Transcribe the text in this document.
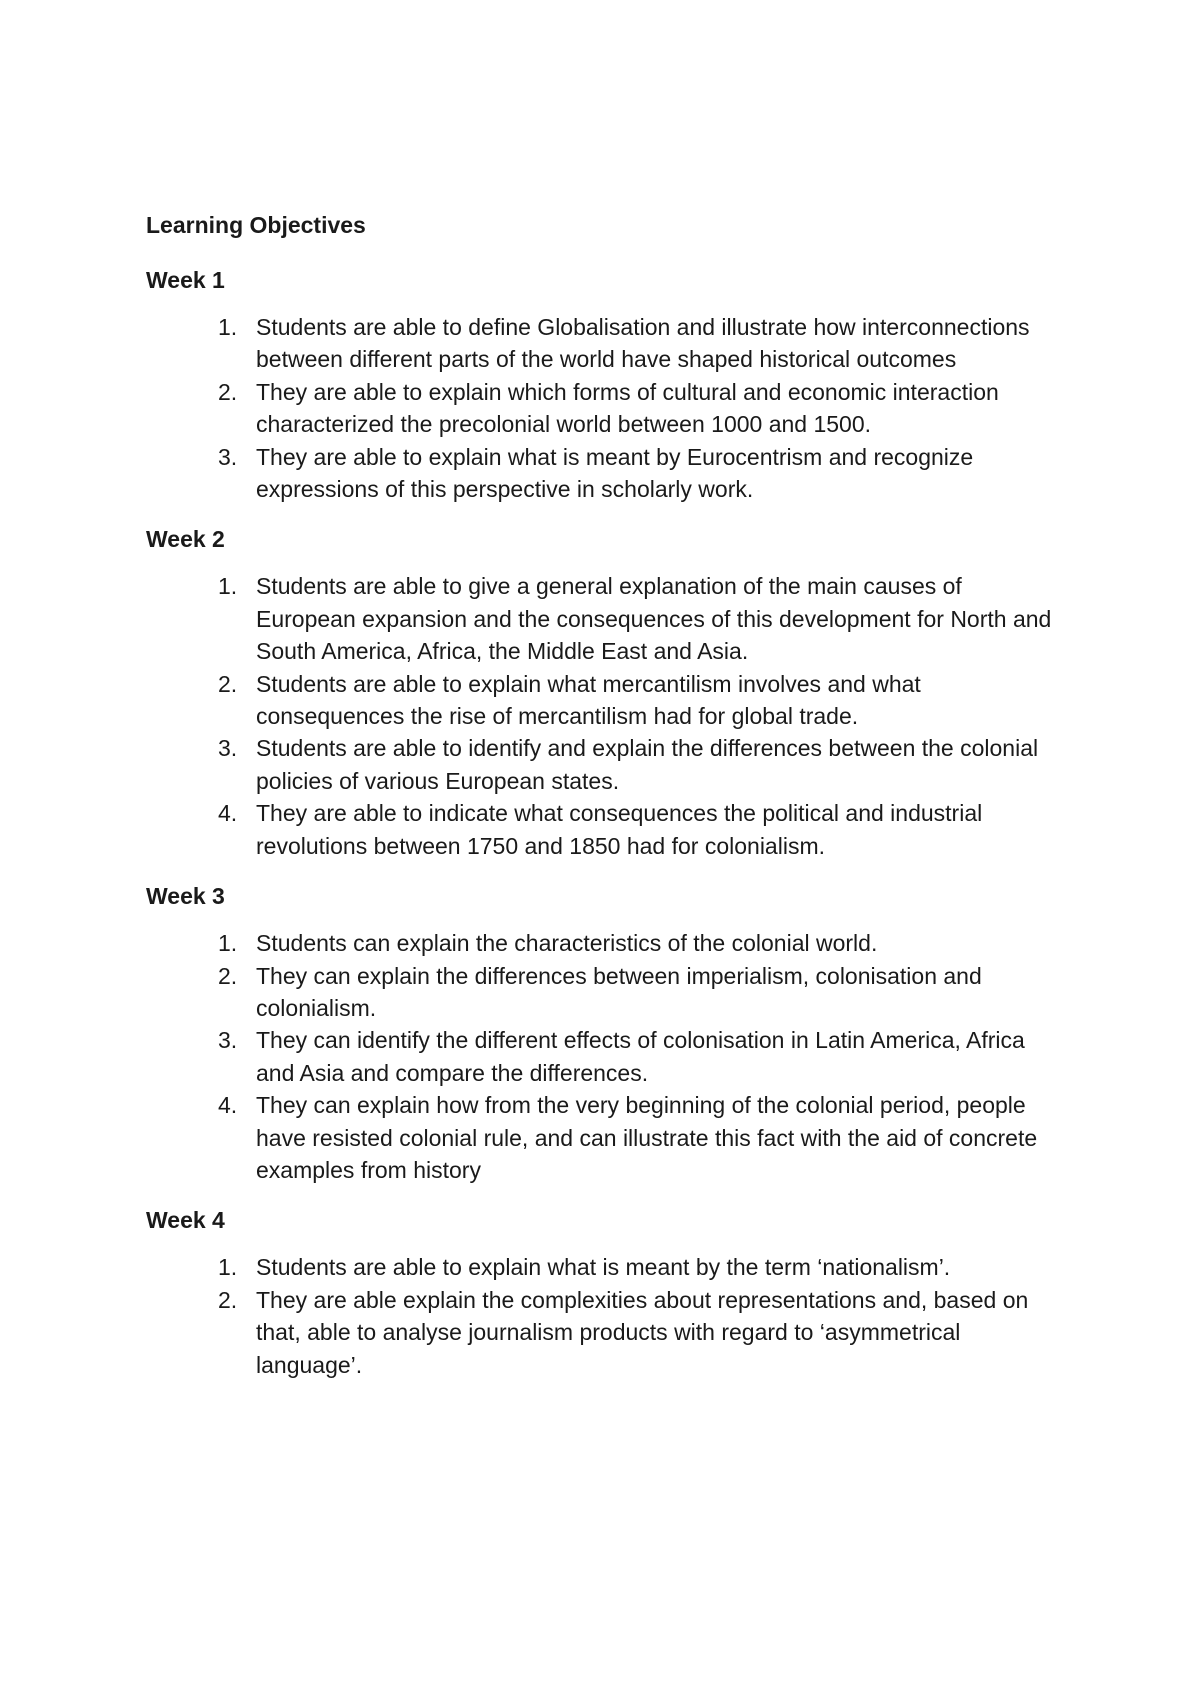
Learning Objectives
Week 1
1. Students are able to define Globalisation and illustrate how interconnections between different parts of the world have shaped historical outcomes
2. They are able to explain which forms of cultural and economic interaction characterized the precolonial world between 1000 and 1500.
3. They are able to explain what is meant by Eurocentrism and recognize expressions of this perspective in scholarly work.
Week 2
1. Students are able to give a general explanation of the main causes of European expansion and the consequences of this development for North and South America, Africa, the Middle East and Asia.
2. Students are able to explain what mercantilism involves and what consequences the rise of mercantilism had for global trade.
3. Students are able to identify and explain the differences between the colonial policies of various European states.
4. They are able to indicate what consequences the political and industrial revolutions between 1750 and 1850 had for colonialism.
Week 3
1. Students can explain the characteristics of the colonial world.
2. They can explain the differences between imperialism, colonisation and colonialism.
3. They can identify the different effects of colonisation in Latin America, Africa and Asia and compare the differences.
4. They can explain how from the very beginning of the colonial period, people have resisted colonial rule, and can illustrate this fact with the aid of concrete examples from history
Week 4
1. Students are able to explain what is meant by the term ‘nationalism’.
2. They are able explain the complexities about representations and, based on that, able to analyse journalism products with regard to ‘asymmetrical language’.
